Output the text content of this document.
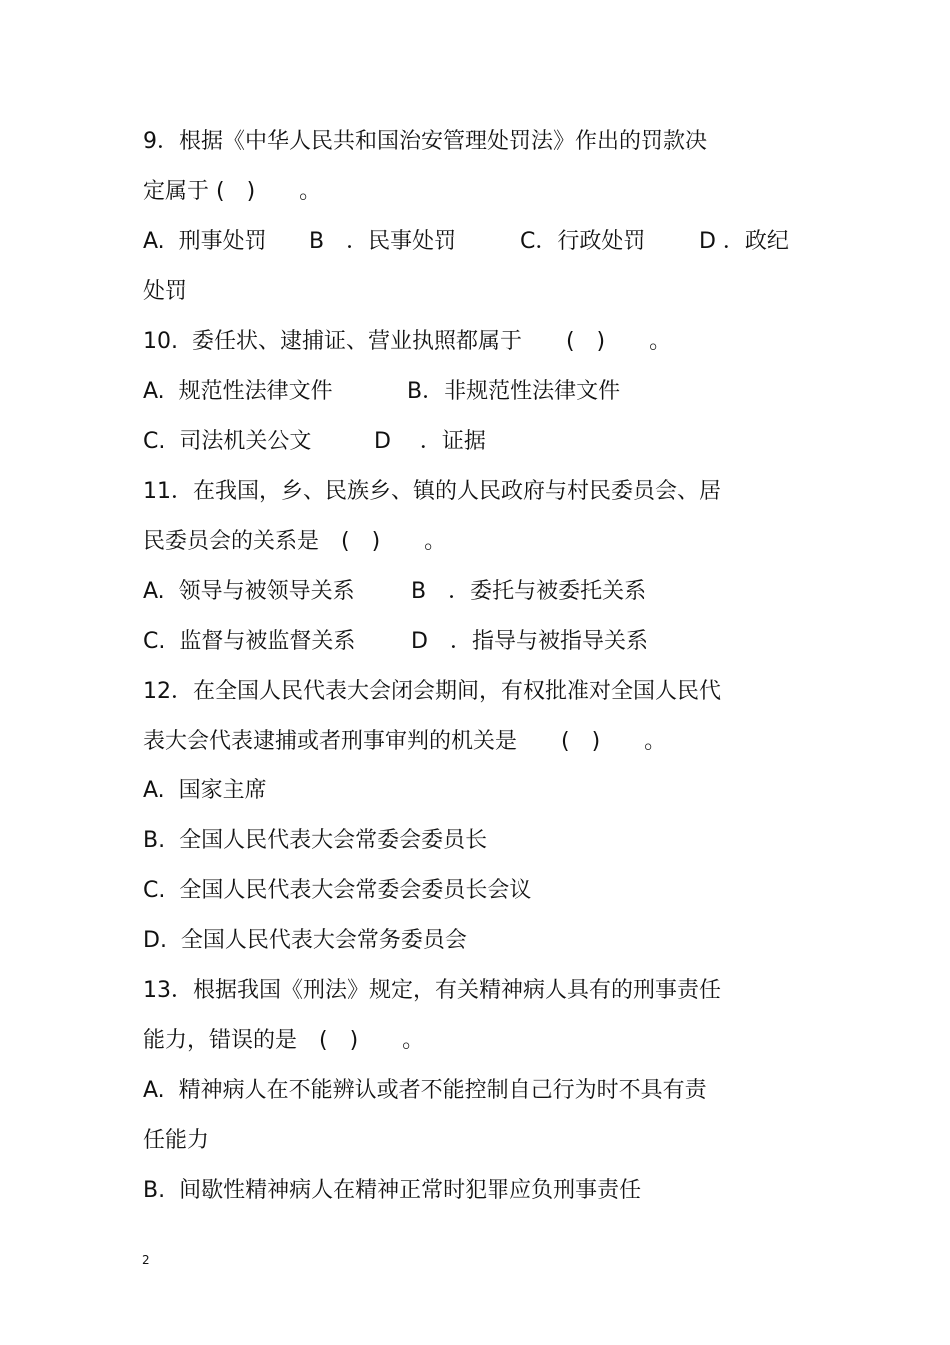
9．根据《中华人民共和国治安管理处罚法》作出的罚款决
定属于 (　)　　。

A.  刑事处罚

B　．民事处罚

	C．行政处罚

D ．政纪

处罚
10.  委任状、逮捕证、营业执照都属于　　(　)　　。

A.  规范性法律文件

	B．非规范性法律文件

C.  司法机关公文

	D　 ．证据

11．在我国，乡、民族乡、镇的人民政府与村民委员会、居
民委员会的关系是　(　)　　。

A.  领导与被领导关系

	B　．委托与被委托关系

C.  监督与被监督关系

	D　．指导与被指导关系

12．在全国人民代表大会闭会期间，有权批准对全国人民代
表大会代表逮捕或者刑事审判的机关是　　(　)　　。
A.  国家主席
B.  全国人民代表大会常委会委员长
C.  全国人民代表大会常委会委员长会议
D.  全国人民代表大会常务委员会
13．根据我国《刑法》规定，有关精神病人具有的刑事责任
能力，错误的是　(　)　　。
A.  精神病人在不能辨认或者不能控制自己行为时不具有责
任能力
B.  间歇性精神病人在精神正常时犯罪应负刑事责任
2
